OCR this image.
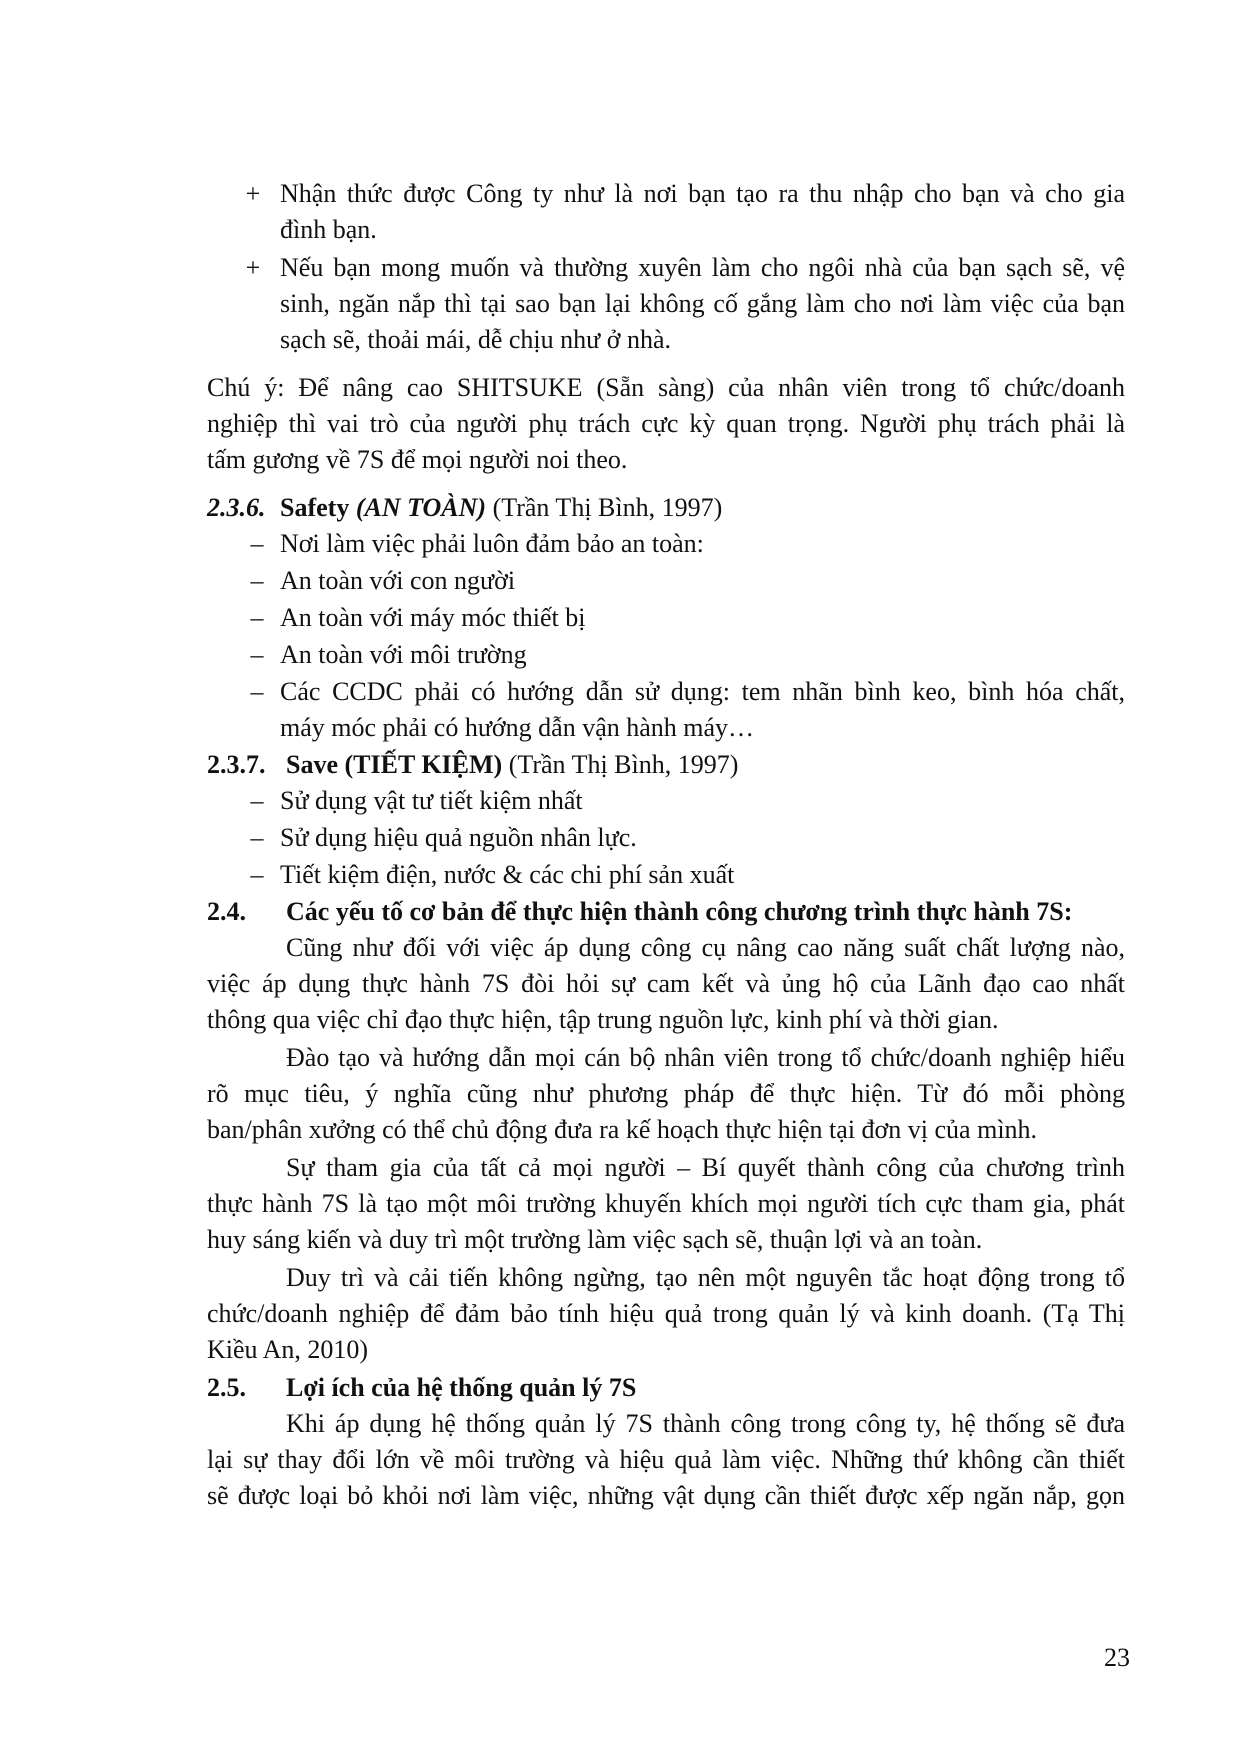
+ Nhận thức được Công ty như là nơi bạn tạo ra thu nhập cho bạn và cho gia
đình bạn.
+ Nếu bạn mong muốn và thường xuyên làm cho ngôi nhà của bạn sạch sẽ, vệ
sinh, ngăn nắp thì tại sao bạn lại không cố gắng làm cho nơi làm việc của bạn
sạch sẽ, thoải mái, dễ chịu như ở nhà.
Chú ý: Để nâng cao SHITSUKE (Sẵn sàng) của nhân viên trong tổ chức/doanh
nghiệp thì vai trò của người phụ trách cực kỳ quan trọng. Người phụ trách phải là
tấm gương về 7S để mọi người noi theo.
2.3.6. Safety (AN TOÀN) (Trần Thị Bình, 1997)
– Nơi làm việc phải luôn đảm bảo an toàn:
– An toàn với con người
– An toàn với máy móc thiết bị
– An toàn với môi trường
– Các CCDC phải có hướng dẫn sử dụng: tem nhãn bình keo, bình hóa chất,
máy móc phải có hướng dẫn vận hành máy…
2.3.7. Save (TIẾT KIỆM) (Trần Thị Bình, 1997)
– Sử dụng vật tư tiết kiệm nhất
– Sử dụng hiệu quả nguồn nhân lực.
– Tiết kiệm điện, nước & các chi phí sản xuất
2.4. Các yếu tố cơ bản để thực hiện thành công chương trình thực hành 7S:
Cũng như đối với việc áp dụng công cụ nâng cao năng suất chất lượng nào,
việc áp dụng thực hành 7S đòi hỏi sự cam kết và ủng hộ của Lãnh đạo cao nhất
thông qua việc chỉ đạo thực hiện, tập trung nguồn lực, kinh phí và thời gian.
Đào tạo và hướng dẫn mọi cán bộ nhân viên trong tổ chức/doanh nghiệp hiểu
rõ mục tiêu, ý nghĩa cũng như phương pháp để thực hiện. Từ đó mỗi phòng
ban/phân xưởng có thể chủ động đưa ra kế hoạch thực hiện tại đơn vị của mình.
Sự tham gia của tất cả mọi người – Bí quyết thành công của chương trình
thực hành 7S là tạo một môi trường khuyến khích mọi người tích cực tham gia, phát
huy sáng kiến và duy trì một trường làm việc sạch sẽ, thuận lợi và an toàn.
Duy trì và cải tiến không ngừng, tạo nên một nguyên tắc hoạt động trong tổ
chức/doanh nghiệp để đảm bảo tính hiệu quả trong quản lý và kinh doanh. (Tạ Thị
Kiều An, 2010)
2.5. Lợi ích của hệ thống quản lý 7S
Khi áp dụng hệ thống quản lý 7S thành công trong công ty, hệ thống sẽ đưa
lại sự thay đổi lớn về môi trường và hiệu quả làm việc. Những thứ không cần thiết
sẽ được loại bỏ khỏi nơi làm việc, những vật dụng cần thiết được xếp ngăn nắp, gọn
23
